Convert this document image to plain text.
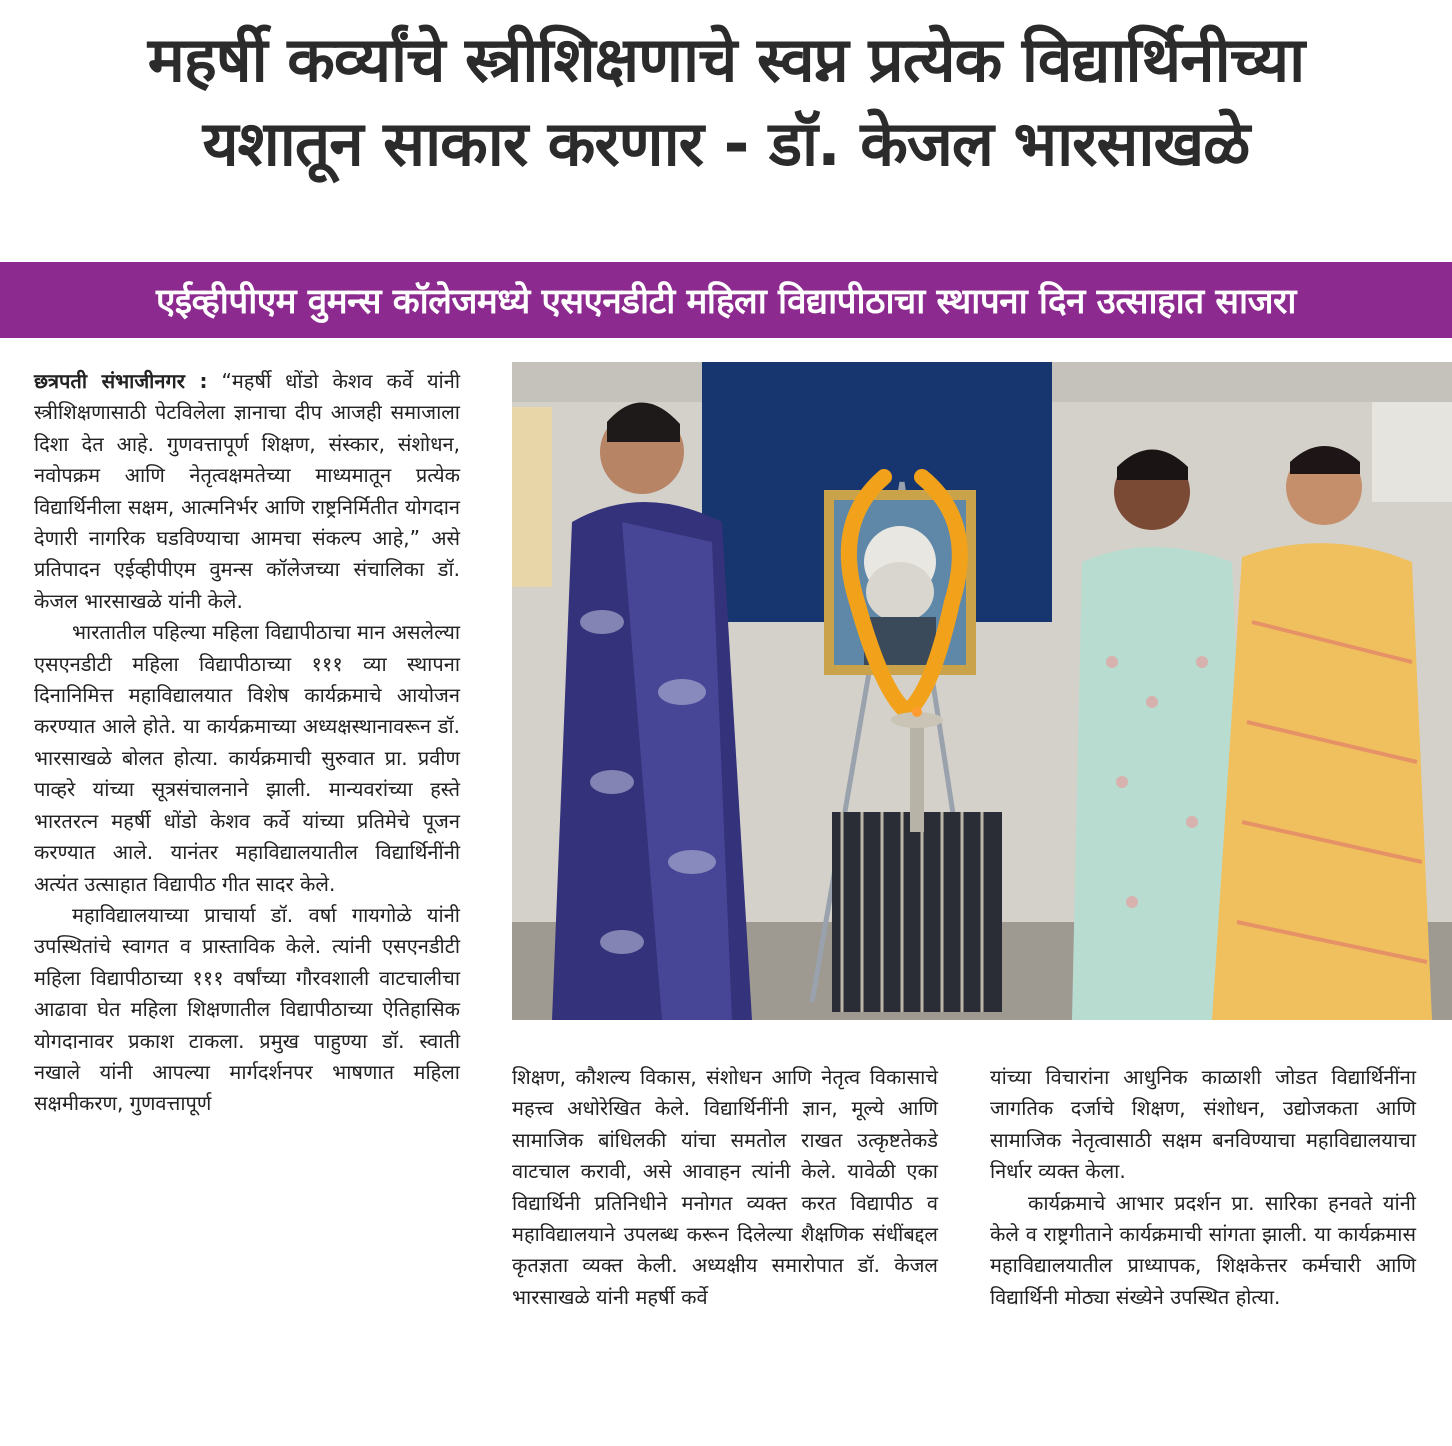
महर्षी कर्व्यांचे स्त्रीशिक्षणाचे स्वप्न प्रत्येक विद्यार्थिनीच्या
यशातून साकार करणार - डॉ. केजल भारसाखळे
एईव्हीपीएम वुमन्स कॉलेजमध्ये एसएनडीटी महिला विद्यापीठाचा स्थापना दिन उत्साहात साजरा

छत्रपती संभाजीनगर : “महर्षी धोंडो केशव कर्वे यांनी स्त्रीशिक्षणासाठी पेटविलेला ज्ञानाचा दीप आजही समाजाला दिशा देत आहे. गुणवत्तापूर्ण शिक्षण, संस्कार, संशोधन, नवोपक्रम आणि नेतृत्वक्षमतेच्या माध्यमातून प्रत्येक विद्यार्थिनीला सक्षम, आत्मनिर्भर आणि राष्ट्रनिर्मितीत योगदान देणारी नागरिक घडविण्याचा आमचा संकल्प आहे,” असे प्रतिपादन एईव्हीपीएम वुमन्स कॉलेजच्या संचालिका डॉ. केजल भारसाखळे यांनी केले.

भारतातील पहिल्या महिला विद्यापीठाचा मान असलेल्या एसएनडीटी महिला विद्यापीठाच्या १११ व्या स्थापना दिनानिमित्त महाविद्यालयात विशेष कार्यक्रमाचे आयोजन करण्यात आले होते. या कार्यक्रमाच्या अध्यक्षस्थानावरून डॉ. भारसाखळे बोलत होत्या. कार्यक्रमाची सुरुवात प्रा. प्रवीण पाव्हरे यांच्या सूत्रसंचालनाने झाली. मान्यवरांच्या हस्ते भारतरत्न महर्षी धोंडो केशव कर्वे यांच्या प्रतिमेचे पूजन करण्यात आले. यानंतर महाविद्यालयातील विद्यार्थिनींनी अत्यंत उत्साहात विद्यापीठ गीत सादर केले.

महाविद्यालयाच्या प्राचार्या डॉ. वर्षा गायगोळे यांनी उपस्थितांचे स्वागत व प्रास्ताविक केले. त्यांनी एसएनडीटी महिला विद्यापीठाच्या १११ वर्षांच्या गौरवशाली वाटचालीचा आढावा घेत महिला शिक्षणातील विद्यापीठाच्या ऐतिहासिक योगदानावर प्रकाश टाकला. प्रमुख पाहुण्या डॉ. स्वाती नखाले यांनी आपल्या मार्गदर्शनपर भाषणात महिला सक्षमीकरण, गुणवत्तापूर्ण

शिक्षण, कौशल्य विकास, संशोधन आणि नेतृत्व विकासाचे महत्त्व अधोरेखित केले. विद्यार्थिनींनी ज्ञान, मूल्ये आणि सामाजिक बांधिलकी यांचा समतोल राखत उत्कृष्टतेकडे वाटचाल करावी, असे आवाहन त्यांनी केले. यावेळी एका विद्यार्थिनी प्रतिनिधीने मनोगत व्यक्त करत विद्यापीठ व महाविद्यालयाने उपलब्ध करून दिलेल्या शैक्षणिक संधींबद्दल कृतज्ञता व्यक्त केली. अध्यक्षीय समारोपात डॉ. केजल भारसाखळे यांनी महर्षी कर्वे

यांच्या विचारांना आधुनिक काळाशी जोडत विद्यार्थिनींना जागतिक दर्जाचे शिक्षण, संशोधन, उद्योजकता आणि सामाजिक नेतृत्वासाठी सक्षम बनविण्याचा महाविद्यालयाचा निर्धार व्यक्त केला.

कार्यक्रमाचे आभार प्रदर्शन प्रा. सारिका हनवते यांनी केले व राष्ट्रगीताने कार्यक्रमाची सांगता झाली. या कार्यक्रमास महाविद्यालयातील प्राध्यापक, शिक्षकेत्तर कर्मचारी आणि विद्यार्थिनी मोठ्या संख्येने उपस्थित होत्या.
